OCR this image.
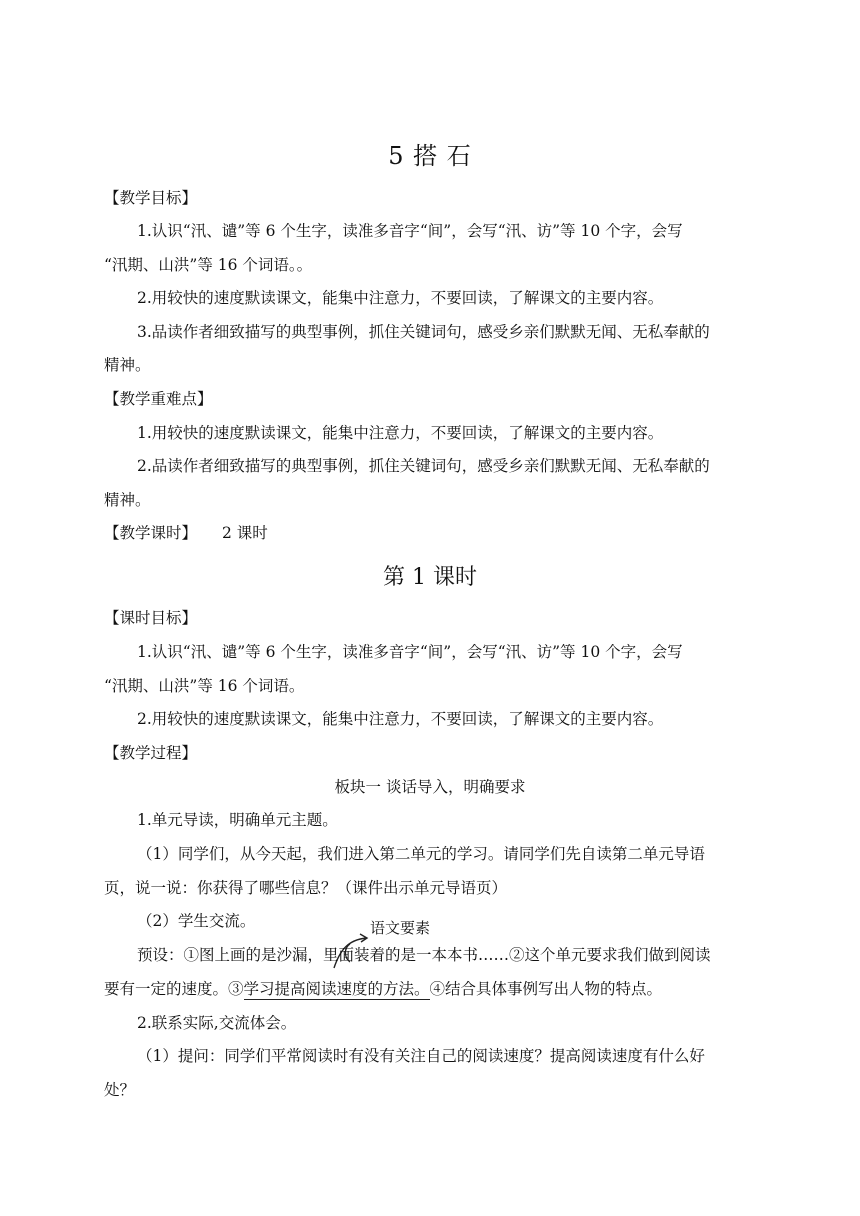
5 搭 石
【教学目标】
1.认识“汛、谴”等 6 个生字，读准多音字“间”，会写“汛、访”等 10 个字，会写
“汛期、山洪”等 16 个词语。。
2.用较快的速度默读课文，能集中注意力，不要回读，了解课文的主要内容。
3.品读作者细致描写的典型事例，抓住关键词句，感受乡亲们默默无闻、无私奉献的
精神。
【教学重难点】
1.用较快的速度默读课文，能集中注意力，不要回读，了解课文的主要内容。
2.品读作者细致描写的典型事例，抓住关键词句，感受乡亲们默默无闻、无私奉献的
精神。
【教学课时】 2 课时
第 1 课时
【课时目标】
1.认识“汛、谴”等 6 个生字，读准多音字“间”，会写“汛、访”等 10 个字，会写
“汛期、山洪”等 16 个词语。
2.用较快的速度默读课文，能集中注意力，不要回读，了解课文的主要内容。
【教学过程】
板块一 谈话导入，明确要求
1.单元导读，明确单元主题。
（1）同学们，从今天起，我们进入第二单元的学习。请同学们先自读第二单元导语
页，说一说：你获得了哪些信息？（课件出示单元导语页）
（2）学生交流。	语文要素
预设：①图上画的是沙漏，里面装着的是一本本书……②这个单元要求我们做到阅读
要有一定的速度。③学习提高阅读速度的方法。④结合具体事例写出人物的特点。
2.联系实际,交流体会。
（1）提问：同学们平常阅读时有没有关注自己的阅读速度？提高阅读速度有什么好
处？
